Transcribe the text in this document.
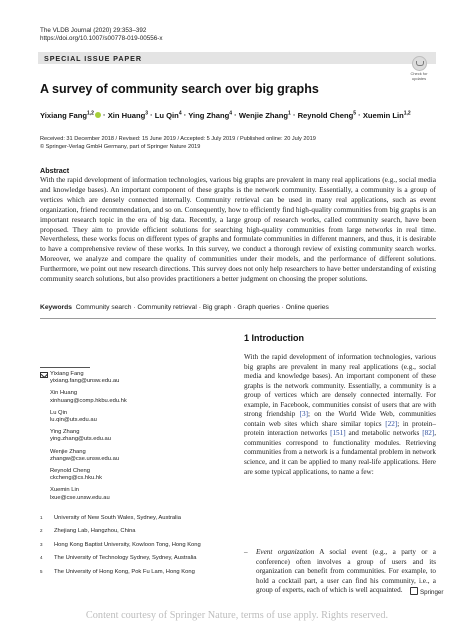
The VLDB Journal (2020) 29:353–392
https://doi.org/10.1007/s00778-019-00556-x
SPECIAL ISSUE PAPER
Check for
updates
A survey of community search over big graphs
Yixiang Fang$^{1,2}$ · Xin Huang$^3$ · Lu Qin$^4$ · Ying Zhang$^4$ · Wenjie Zhang$^1$ · Reynold Cheng$^5$ · Xuemin Lin$^{1,2}$
Received: 31 December 2018 / Revised: 15 June 2019 / Accepted: 5 July 2019 / Published online: 20 July 2019
© Springer-Verlag GmbH Germany, part of Springer Nature 2019
Abstract
With the rapid development of information technologies, various big graphs are prevalent in many real applications (e.g., social media and knowledge bases). An important component of these graphs is the network community. Essentially, a community is a group of vertices which are densely connected internally. Community retrieval can be used in many real applications, such as event organization, friend recommendation, and so on. Consequently, how to efficiently find high-quality communities from big graphs is an important research topic in the era of big data. Recently, a large group of research works, called community search, have been proposed. They aim to provide efficient solutions for searching high-quality communities from large networks in real time. Nevertheless, these works focus on different types of graphs and formulate communities in different manners, and thus, it is desirable to have a comprehensive review of these works. In this survey, we conduct a thorough review of existing community search works. Moreover, we analyze and compare the quality of communities under their models, and the performance of different solutions. Furthermore, we point out new research directions. This survey does not only help researchers to have better understanding of existing community search solutions, but also provides practitioners a better judgment on choosing the proper solutions.
Keywords Community search · Community retrieval · Big graph · Graph queries · Online queries
Yixiang Fang
yixiang.fang@unsw.edu.au
Xin Huang
xinhuang@comp.hkbu.edu.hk
Lu Qin
lu.qin@uts.edu.au
Ying Zhang
ying.zhang@uts.edu.au
Wenjie Zhang
zhangw@cse.unsw.edu.au
Reynold Cheng
ckcheng@cs.hku.hk
Xuemin Lin
lxue@cse.unsw.edu.au
1 University of New South Wales, Sydney, Australia
2 Zhejiang Lab, Hangzhou, China
3 Hong Kong Baptist University, Kowloon Tong, Hong Kong
4 The University of Technology Sydney, Sydney, Australia
5 The University of Hong Kong, Pok Fu Lam, Hong Kong
1 Introduction
With the rapid development of information technologies, various big graphs are prevalent in many real applications (e.g., social media and knowledge bases). An important component of these graphs is the network community. Essentially, a community is a group of vertices which are densely connected internally. For example, in Facebook, communities consist of users that are with strong friendship [3]; on the World Wide Web, communities contain web sites which share similar topics [22]; in protein–protein interaction networks [151] and metabolic networks [82], communities correspond to functionality modules. Retrieving communities from a network is a fundamental problem in network science, and it can be applied to many real-life applications. Here are some typical applications, to name a few:
– Event organization A social event (e.g., a party or a conference) often involves a group of users and its organization can benefit from communities. For example, to hold a cocktail part, a user can find his community, i.e., a group of experts, each of which is well acquainted.	Springer
Content courtesy of Springer Nature, terms of use apply. Rights reserved.
